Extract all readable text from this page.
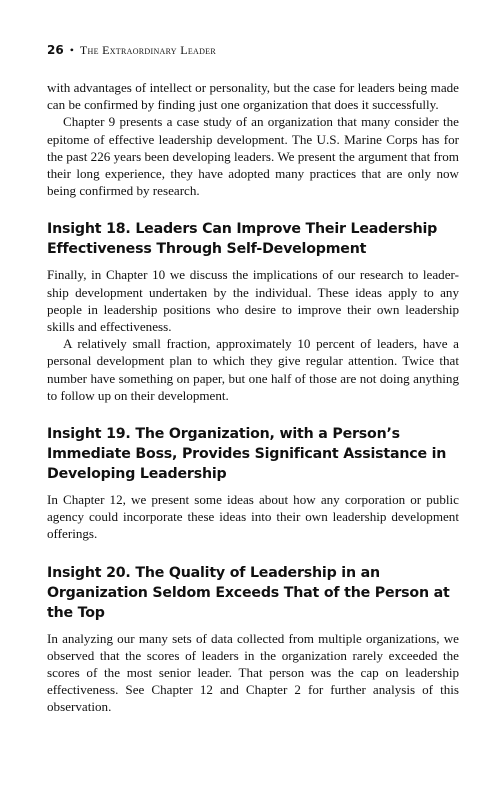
26 • The Extraordinary Leader

with advantages of intellect or personality, but the case for leaders being made can be confirmed by finding just one organization that does it successfully.

Chapter 9 presents a case study of an organization that many consider the epitome of effective leadership development. The U.S. Marine Corps has for the past 226 years been developing leaders. We present the argument that from their long experience, they have adopted many practices that are only now being confirmed by research.

Insight 18. Leaders Can Improve Their Leadership Effectiveness Through Self-Development

Finally, in Chapter 10 we discuss the implications of our research to leader-ship development undertaken by the individual. These ideas apply to any people in leadership positions who desire to improve their own leadership skills and effectiveness.

A relatively small fraction, approximately 10 percent of leaders, have a personal development plan to which they give regular attention. Twice that number have something on paper, but one half of those are not doing anything to follow up on their development.

Insight 19. The Organization, with a Person’s Immediate Boss, Provides Significant Assistance in Developing Leadership

In Chapter 12, we present some ideas about how any corporation or public agency could incorporate these ideas into their own leadership development offerings.

Insight 20. The Quality of Leadership in an Organization Seldom Exceeds That of the Person at the Top

In analyzing our many sets of data collected from multiple organizations, we observed that the scores of leaders in the organization rarely exceeded the scores of the most senior leader. That person was the cap on leadership effectiveness. See Chapter 12 and Chapter 2 for further analysis of this observation.
